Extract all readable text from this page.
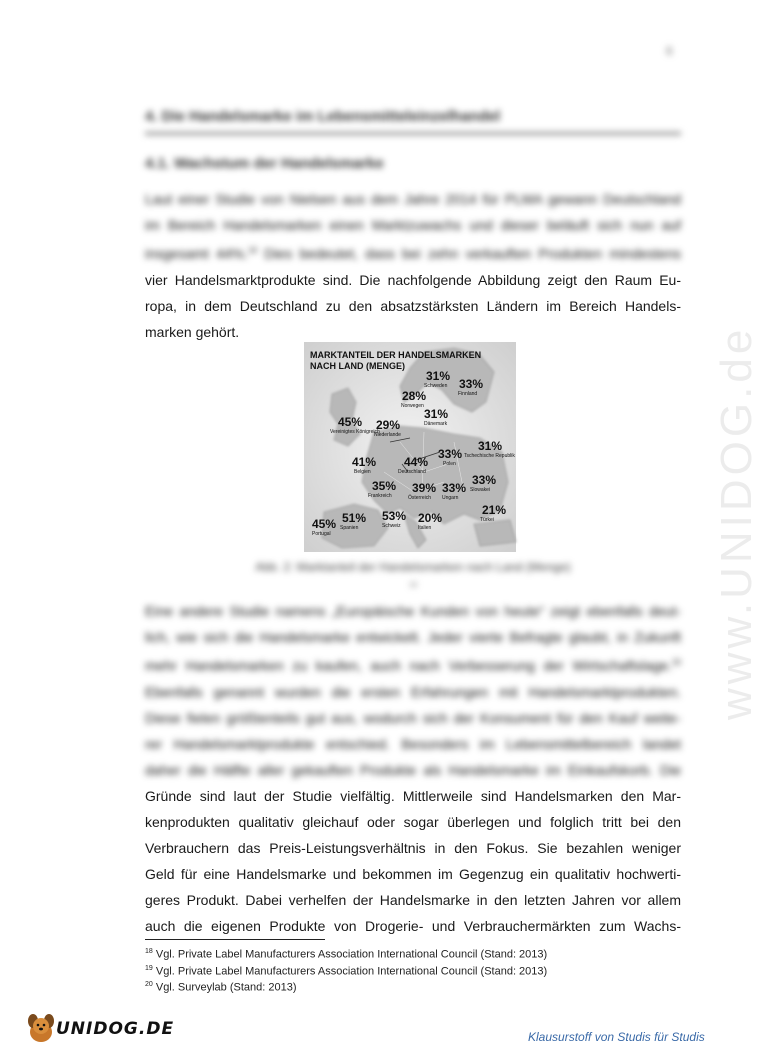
6
4. Die Handelsmarke im Lebensmitteleinzelhandel
4.1. Wachstum der Handelsmarke
Laut einer Studie von Nielsen aus dem Jahre 2014 für PLMA gewann Deutschland
im Bereich Handelsmarken einen Marktzuwachs und dieser beläuft sich nun auf
insgesamt 44%.$^{18}$ Dies bedeutet, dass bei zehn verkauften Produkten mindestens
vier Handelsmarktprodukte sind. Die nachfolgende Abbildung zeigt den Raum Eu-
ropa, in dem Deutschland zu den absatzstärksten Ländern im Bereich Handels-
marken gehört.
MARKTANTEIL DER HANDELSMARKEN
NACH LAND (MENGE)
31%
Schweden 33%
Finnland
28%
Norwegen
31%
Dänemark
45%
Vereinigtes Königreich
29%
Niederlande
31%
Tschechische Republik
41%
Belgien
44%
Deutschland
33%
Polen
35%
Frankreich
39%
Österreich
33%
Ungarn
33%
Slowakei
21%
Türkei
45%
Portugal
51%
Spanien
53%
Schweiz
20%
Italien
Abb. 2: Marktanteil der Handelsmarken nach Land (Menge)
19
Eine andere Studie namens „Europäische Kunden von heute“ zeigt ebenfalls deut-
lich, wie sich die Handelsmarke entwickelt. Jeder vierte Befragte glaubt, in Zukunft
mehr Handelsmarken zu kaufen, auch nach Verbesserung der Wirtschaftslage.$^{20}$
Ebenfalls genannt wurden die ersten Erfahrungen mit Handelsmarktprodukten.
Diese fielen größtenteils gut aus, wodurch sich der Konsument für den Kauf weite-
rer Handelsmarktprodukte entschied. Besonders im Lebensmittelbereich landet
daher die Hälfte aller gekauften Produkte als Handelsmarke im Einkaufskorb. Die
Gründe sind laut der Studie vielfältig. Mittlerweile sind Handelsmarken den Mar-
kenprodukten qualitativ gleichauf oder sogar überlegen und folglich tritt bei den
Verbrauchern das Preis-Leistungsverhältnis in den Fokus. Sie bezahlen weniger
Geld für eine Handelsmarke und bekommen im Gegenzug ein qualitativ hochwerti-
geres Produkt. Dabei verhelfen der Handelsmarke in den letzten Jahren vor allem
auch die eigenen Produkte von Drogerie- und Verbrauchermärkten zum Wachs-
$^{18}$ Vgl. Private Label Manufacturers Association International Council (Stand: 2013)
$^{19}$ Vgl. Private Label Manufacturers Association International Council (Stand: 2013)
$^{20}$ Vgl. Surveylab (Stand: 2013)
www.UNIDOG.de
UNIDOG.DE	Klausurstoff von Studis für Studis
